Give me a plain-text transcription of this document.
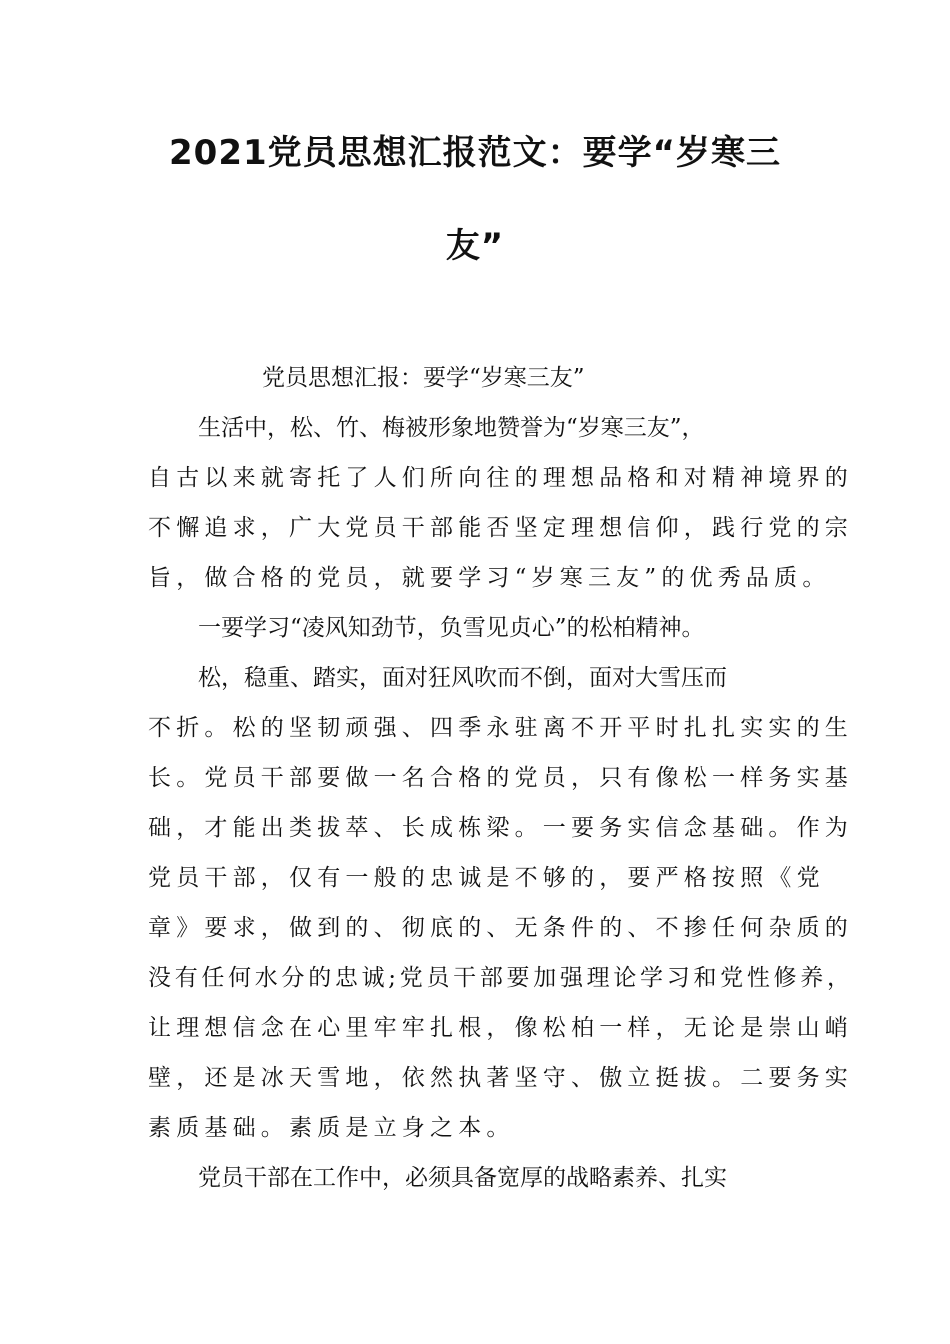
2021党员思想汇报范文：要学“岁寒三
友”

党员思想汇报：要学“岁寒三友”

生活中，松、竹、梅被形象地赞誉为“岁寒三友”，

自古以来就寄托了人们所向往的理想品格和对精神境界的

不懈追求，广大党员干部能否坚定理想信仰，践行党的宗

旨，做合格的党员，就要学习“岁寒三友”的优秀品质。

一要学习“凌风知劲节，负雪见贞心”的松柏精神。

松，稳重、踏实，面对狂风吹而不倒，面对大雪压而

不折。松的坚韧顽强、四季永驻离不开平时扎扎实实的生

长。党员干部要做一名合格的党员，只有像松一样务实基

础，才能出类拔萃、长成栋梁。一要务实信念基础。作为

党员干部，仅有一般的忠诚是不够的，要严格按照《党

章》要求，做到的、彻底的、无条件的、不掺任何杂质的

没有任何水分的忠诚;党员干部要加强理论学习和党性修养，

让理想信念在心里牢牢扎根，像松柏一样，无论是崇山峭

壁，还是冰天雪地，依然执著坚守、傲立挺拔。二要务实

素质基础。素质是立身之本。

党员干部在工作中，必须具备宽厚的战略素养、扎实
